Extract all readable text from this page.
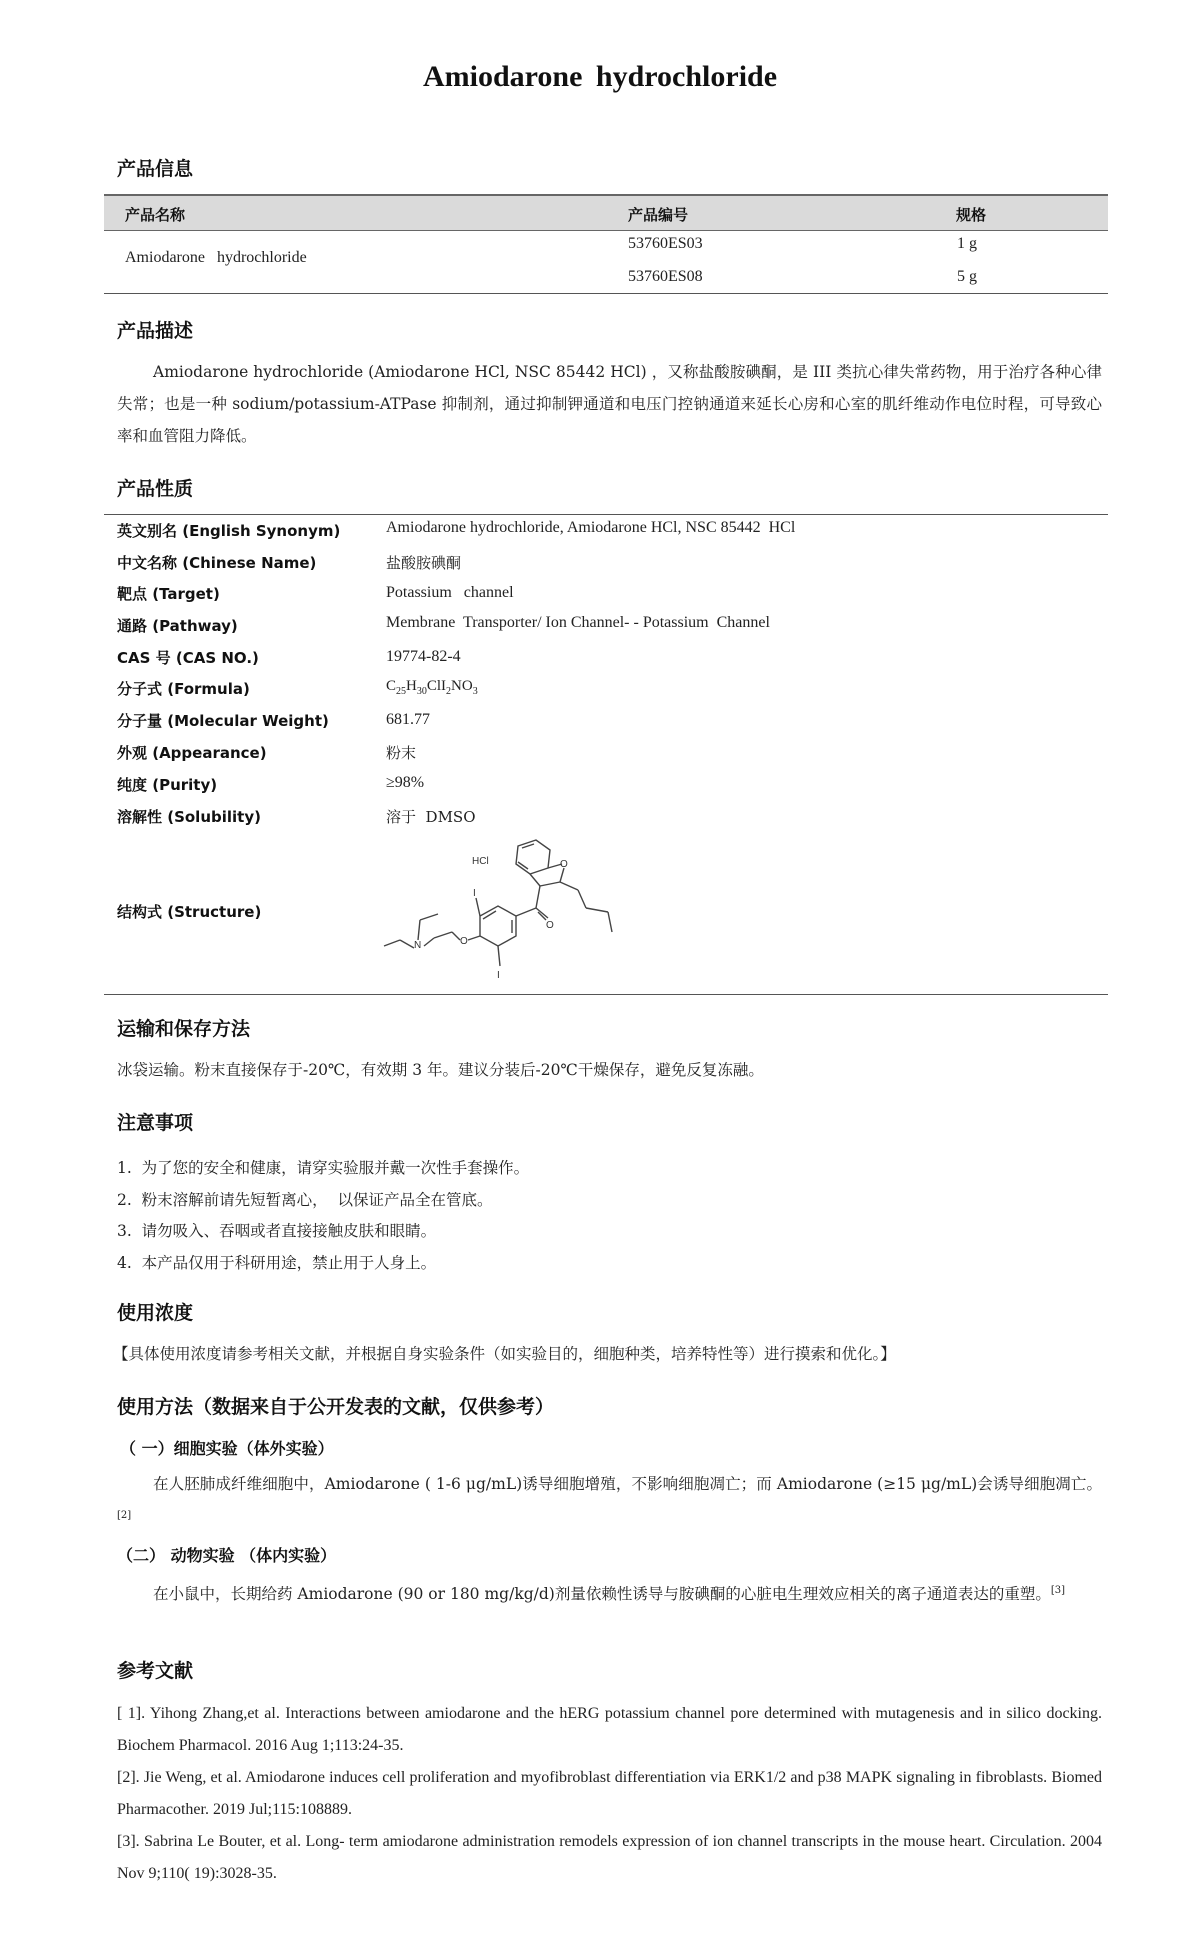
Amiodarone hydrochloride
产品信息
产品名称	产品编号	规格
Amiodarone   hydrochloride
53760ES03	1 g
53760ES08	5 g
产品描述
Amiodarone hydrochloride (Amiodarone HCl, NSC 85442 HCl) ，又称盐酸胺碘酮，是 III 类抗心律失常药物，用于治疗各种心律失常；也是一种 sodium/potassium-ATPase 抑制剂，通过抑制钾通道和电压门控钠通道来延长心房和心室的肌纤维动作电位时程，可导致心率和血管阻力降低。
产品性质
英文别名 (English Synonym)	Amiodarone hydrochloride, Amiodarone HCl, NSC 85442  HCl
中文名称 (Chinese Name)	盐酸胺碘酮
靶点 (Target)	Potassium   channel
通路 (Pathway)	Membrane  Transporter/ Ion Channel- - Potassium  Channel
CAS 号 (CAS NO.)	19774-82-4
分子式 (Formula)	$C_{25}H_{30}ClI_2NO_3$
分子量 (Molecular Weight)	681.77
外观 (Appearance)	粉末
纯度 (Purity)	≥98%
溶解性 (Solubility)	溶于  DMSO
结构式 (Structure)
HCl	O
O
O
N
I
I
运输和保存方法
冰袋运输。粉末直接保存于-20℃，有效期 3 年。建议分装后-20℃干燥保存，避免反复冻融。
注意事项
1.  为了您的安全和健康，请穿实验服并戴一次性手套操作。
2.  粉末溶解前请先短暂离心，  以保证产品全在管底。
3.  请勿吸入、吞咽或者直接接触皮肤和眼睛。
4.  本产品仅用于科研用途，禁止用于人身上。
使用浓度
【具体使用浓度请参考相关文献，并根据自身实验条件（如实验目的，细胞种类，培养特性等）进行摸索和优化。】
使用方法（数据来自于公开发表的文献，仅供参考）
（ 一）细胞实验（体外实验）
在人胚肺成纤维细胞中，Amiodarone ( 1-6 μg/mL)诱导细胞增殖，不影响细胞凋亡；而 Amiodarone (≥15 μg/mL)会诱导细胞凋亡。[2]
（二） 动物实验 （体内实验）
在小鼠中，长期给药 Amiodarone (90 or 180 mg/kg/d)剂量依赖性诱导与胺碘酮的心脏电生理效应相关的离子通道表达的重塑。[3]
参考文献
[ 1]. Yihong Zhang,et al. Interactions between amiodarone and the hERG potassium channel pore determined with mutagenesis and in silico docking. Biochem Pharmacol. 2016 Aug 1;113:24-35.
[2]. Jie Weng, et al. Amiodarone induces cell proliferation and myofibroblast differentiation via ERK1/2 and p38 MAPK signaling in fibroblasts. Biomed Pharmacother. 2019 Jul;115:108889.
[3]. Sabrina Le Bouter, et al. Long- term amiodarone administration remodels expression of ion channel transcripts in the mouse heart. Circulation. 2004 Nov 9;110( 19):3028-35.
